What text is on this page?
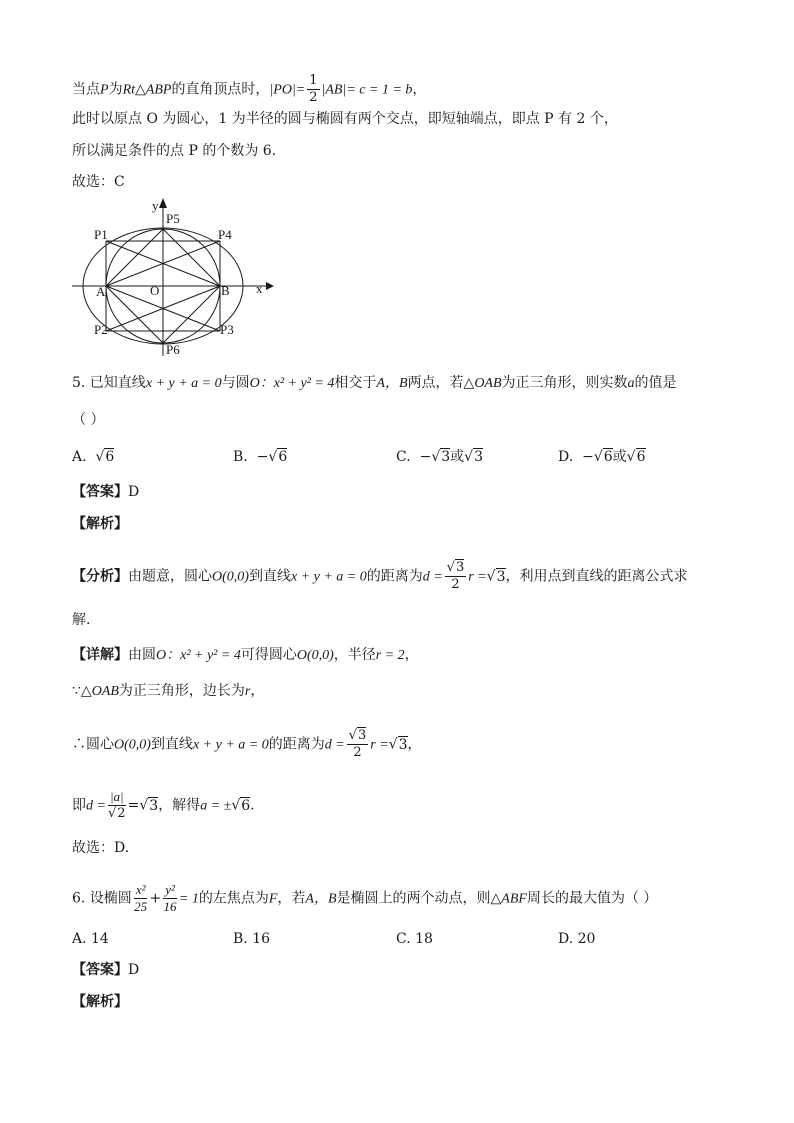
当点P为Rt△ABP的直角顶点时，$|PO|= \frac{1}{2} |AB|= c = 1 = b$，
此时以原点 O 为圆心，1 为半径的圆与椭圆有两个交点，即短轴端点，即点 P 有 2 个，
所以满足条件的点 P 的个数为 6.
故选：C
y
x
P5
P1	P4
A	O	B
P2	P3
P6
5. 已知直线x + y + a = 0与圆O：x² + y² = 4相交于A，B两点，若△OAB为正三角形，则实数a的值是
（ ）
A.  √6	B. −√6	C. −√3或√3	D. −√6或√6
【答案】D
【解析】
【分析】由题意，圆心O(0,0)到直线x + y + a = 0的距离为$d = \frac{√3}{2}$ r =√3，利用点到直线的距离公式求
解.
【详解】由圆O：x² + y² = 4可得圆心O(0,0)，半径r = 2，
∵△OAB为正三角形，边长为r，
∴圆心O(0,0)到直线x + y + a = 0的距离为$d = \frac{√3}{2}$ r =√3，
即$d = \frac{|a|}{√2} =√3$，解得a = ±√6.
故选：D.
6. 设椭圆 $\frac{\text{x²}}{25} + \frac{\text{y²}}{16} = 1$的左焦点为F，若A，B是椭圆上的两个动点，则△ABF周长的最大值为（ ）
A. 14	B. 16	C. 18	D. 20
【答案】D
【解析】
